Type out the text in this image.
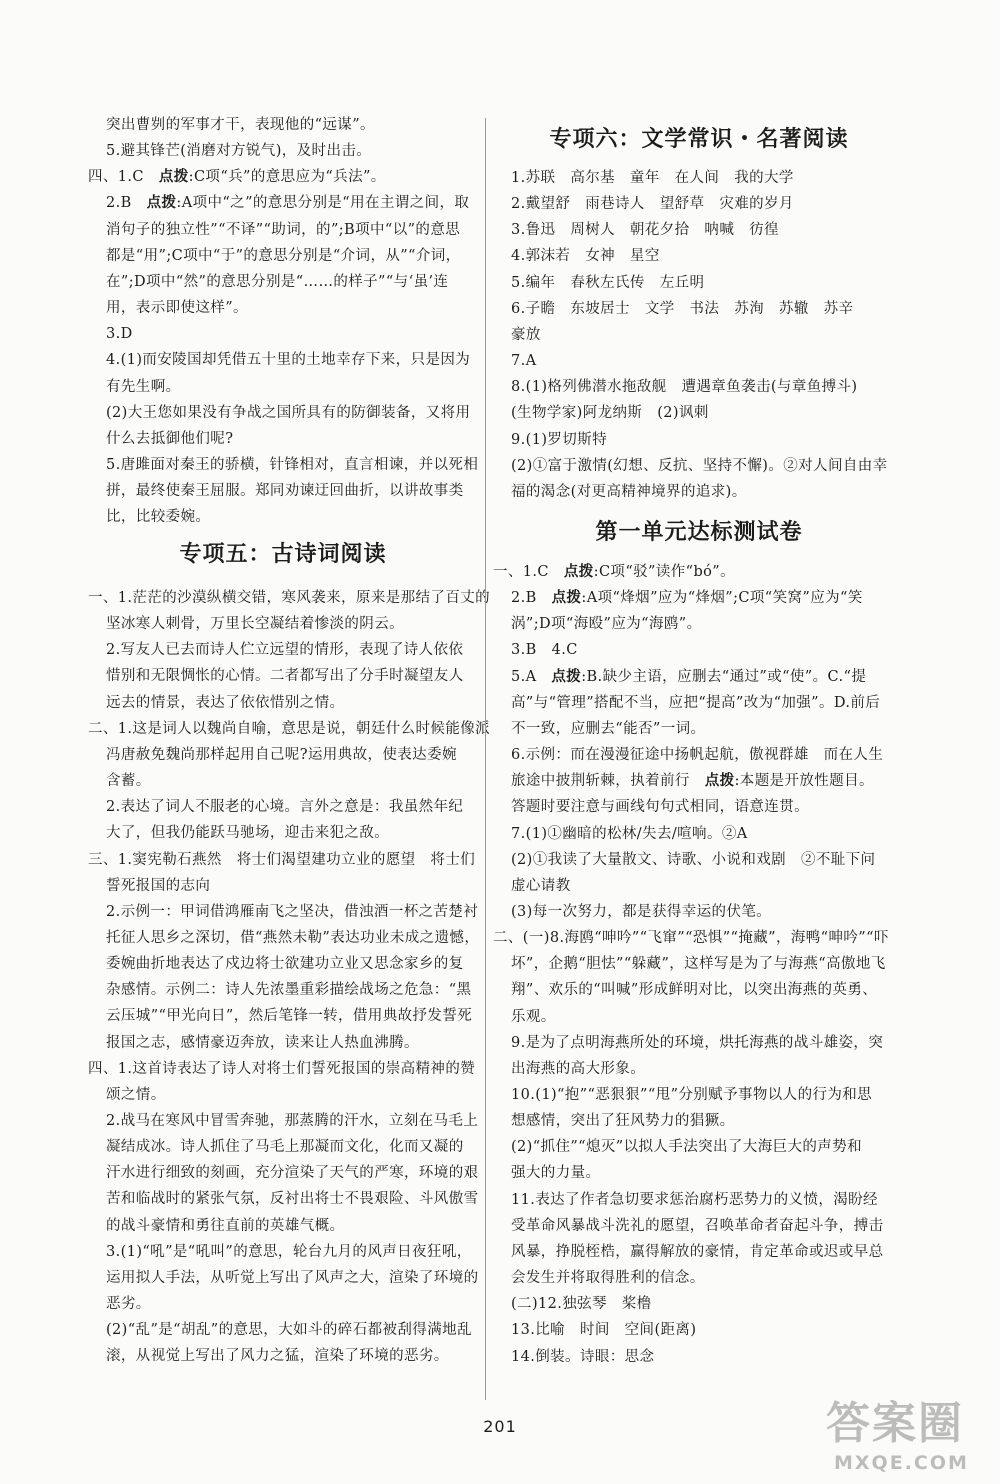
突出曹刿的军事才干，表现他的“远谋”。
5.避其锋芒(消磨对方锐气)，及时出击。
四、1.C　点拨:C项“兵”的意思应为“兵法”。
2.B　点拨:A项中“之”的意思分别是“用在主谓之间，取
消句子的独立性”“不译”“助词，的”;B项中“以”的意思
都是“用”;C项中“于”的意思分别是“介词，从”“介词，
在”;D项中“然”的意思分别是“……的样子”“与‘虽’连
用，表示即使这样”。
3.D
4.(1)而安陵国却凭借五十里的土地幸存下来，只是因为
有先生啊。
(2)大王您如果没有争战之国所具有的防御装备，又将用
什么去抵御他们呢?
5.唐雎面对秦王的骄横，针锋相对，直言相谏，并以死相
拼，最终使秦王屈服。郑同劝谏迂回曲折，以讲故事类
比，比较委婉。
专项五：古诗词阅读
一、1.茫茫的沙漠纵横交错，寒风袭来，原来是那结了百丈的
坚冰寒人刺骨，万里长空凝结着惨淡的阴云。
2.写友人已去而诗人伫立远望的情形，表现了诗人依依
惜别和无限惆怅的心情。二者都写出了分手时凝望友人
远去的情景，表达了依依惜别之情。
二、1.这是词人以魏尚自喻，意思是说，朝廷什么时候能像派
冯唐赦免魏尚那样起用自己呢?运用典故，使表达委婉
含蓄。
2.表达了词人不服老的心境。言外之意是：我虽然年纪
大了，但我仍能跃马驰场，迎击来犯之敌。
三、1.窦宪勒石燕然　将士们渴望建功立业的愿望　将士们
誓死报国的志向
2.示例一：甲词借鸿雁南飞之坚决，借浊酒一杯之苦楚衬
托征人思乡之深切，借“燕然未勒”表达功业未成之遗憾，
委婉曲折地表达了戍边将士欲建功立业又思念家乡的复
杂感情。示例二：诗人先浓墨重彩描绘战场之危急：“黑
云压城”“甲光向日”，然后笔锋一转，借用典故抒发誓死
报国之志，感情豪迈奔放，读来让人热血沸腾。
四、1.这首诗表达了诗人对将士们誓死报国的崇高精神的赞
颂之情。
2.战马在寒风中冒雪奔驰，那蒸腾的汗水，立刻在马毛上
凝结成冰。诗人抓住了马毛上那凝而文化，化而又凝的
汗水进行细致的刻画，充分渲染了天气的严寒，环境的艰
苦和临战时的紧张气氛，反衬出将士不畏艰险、斗风傲雪
的战斗豪情和勇往直前的英雄气概。
3.(1)“吼”是“吼叫”的意思，轮台九月的风声日夜狂吼，
运用拟人手法，从听觉上写出了风声之大，渲染了环境的
恶劣。
(2)“乱”是“胡乱”的意思，大如斗的碎石都被刮得满地乱
滚，从视觉上写出了风力之猛，渲染了环境的恶劣。
专项六：文学常识・名著阅读
1.苏联　高尔基　童年　在人间　我的大学
2.戴望舒　雨巷诗人　望舒草　灾难的岁月
3.鲁迅　周树人　朝花夕拾　呐喊　彷徨
4.郭沫若　女神　星空
5.编年　春秋左氏传　左丘明
6.子瞻　东坡居士　文学　书法　苏洵　苏辙　苏辛
豪放
7.A
8.(1)格列佛潜水拖敌舰　遭遇章鱼袭击(与章鱼搏斗)
(生物学家)阿龙纳斯　(2)讽刺
9.(1)罗切斯特
(2)①富于激情(幻想、反抗、坚持不懈)。②对人间自由幸
福的渴念(对更高精神境界的追求)。
第一单元达标测试卷
一、1.C　点拨:C项“驳”读作“bó”。
2.B　点拨:A项“烽烟”应为“烽烟”;C项“笑窝”应为“笑
涡”;D项“海殴”应为“海鸥”。
3.B　4.C
5.A　点拨:B.缺少主语，应删去“通过”或“使”。C.“提
高”与“管理”搭配不当，应把“提高”改为“加强”。D.前后
不一致，应删去“能否”一词。
6.示例：而在漫漫征途中扬帆起航，傲视群雄　而在人生
旅途中披荆斩棘，执着前行　点拨:本题是开放性题目。
答题时要注意与画线句句式相同，语意连贯。
7.(1)①幽暗的松林/失去/喧响。②A
(2)①我读了大量散文、诗歌、小说和戏剧　②不耻下问
虚心请教
(3)每一次努力，都是获得幸运的伏笔。
二、(一)8.海鸥“呻吟”“飞窜”“恐惧”“掩藏”，海鸭“呻吟”“吓
坏”，企鹅“胆怯”“躲藏”，这样写是为了与海燕“高傲地飞
翔”、欢乐的“叫喊”形成鲜明对比，以突出海燕的英勇、
乐观。
9.是为了点明海燕所处的环境，烘托海燕的战斗雄姿，突
出海燕的高大形象。
10.(1)“抱”“恶狠狠”“甩”分别赋予事物以人的行为和思
想感情，突出了狂风势力的猖獗。
(2)“抓住”“熄灭”以拟人手法突出了大海巨大的声势和
强大的力量。
11.表达了作者急切要求惩治腐朽恶势力的义愤，渴盼经
受革命风暴战斗洗礼的愿望，召唤革命者奋起斗争，搏击
风暴，挣脱桎梏，赢得解放的豪情，肯定革命或迟或早总
会发生并将取得胜利的信念。
(二)12.独弦琴　桨橹
13.比喻　时间　空间(距离)
14.倒装。诗眼：思念
201	答案圈
MXQE.COM
